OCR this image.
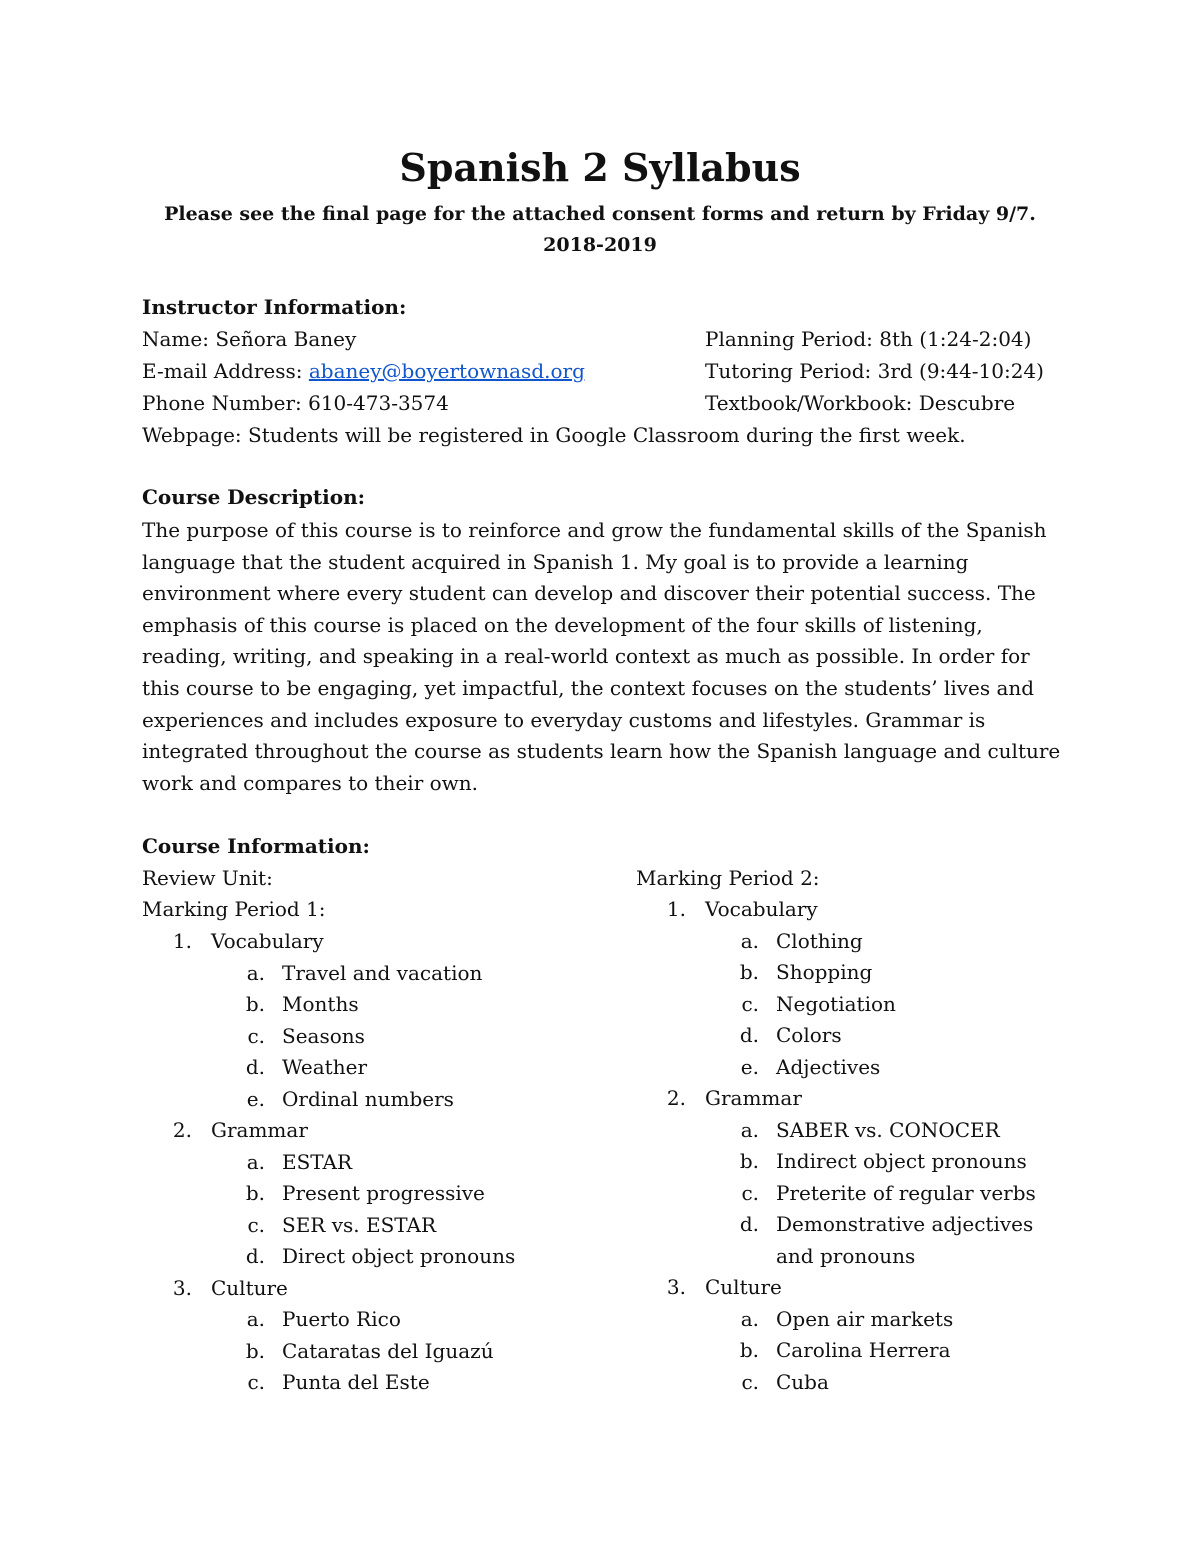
Spanish 2 Syllabus
Please see the final page for the attached consent forms and return by Friday 9/7.
2018-2019
Instructor Information:
Name: Señora Baney
E-mail Address: abaney@boyertownasd.org
Phone Number: 610-473-3574
Webpage: Students will be registered in Google Classroom during the first week.
Planning Period: 8th (1:24-2:04)
Tutoring Period: 3rd (9:44-10:24)
Textbook/Workbook: Descubre
Course Description:
The purpose of this course is to reinforce and grow the fundamental skills of the Spanish language that the student acquired in Spanish 1. My goal is to provide a learning environment where every student can develop and discover their potential success. The emphasis of this course is placed on the development of the four skills of listening, reading, writing, and speaking in a real-world context as much as possible. In order for this course to be engaging, yet impactful, the context focuses on the students’ lives and experiences and includes exposure to everyday customs and lifestyles. Grammar is integrated throughout the course as students learn how the Spanish language and culture work and compares to their own.
Course Information:
Review Unit:
Marking Period 1:
Marking Period 2:
1. Vocabulary
a. Travel and vacation
b. Months
c. Seasons
d. Weather
e. Ordinal numbers
2. Grammar
a. ESTAR
b. Present progressive
c. SER vs. ESTAR
d. Direct object pronouns
3. Culture
a. Puerto Rico
b. Cataratas del Iguazú
c. Punta del Este
1. Vocabulary
a. Clothing
b. Shopping
c. Negotiation
d. Colors
e. Adjectives
2. Grammar
a. SABER vs. CONOCER
b. Indirect object pronouns
c. Preterite of regular verbs
d. Demonstrative adjectives
and pronouns
3. Culture
a. Open air markets
b. Carolina Herrera
c. Cuba
